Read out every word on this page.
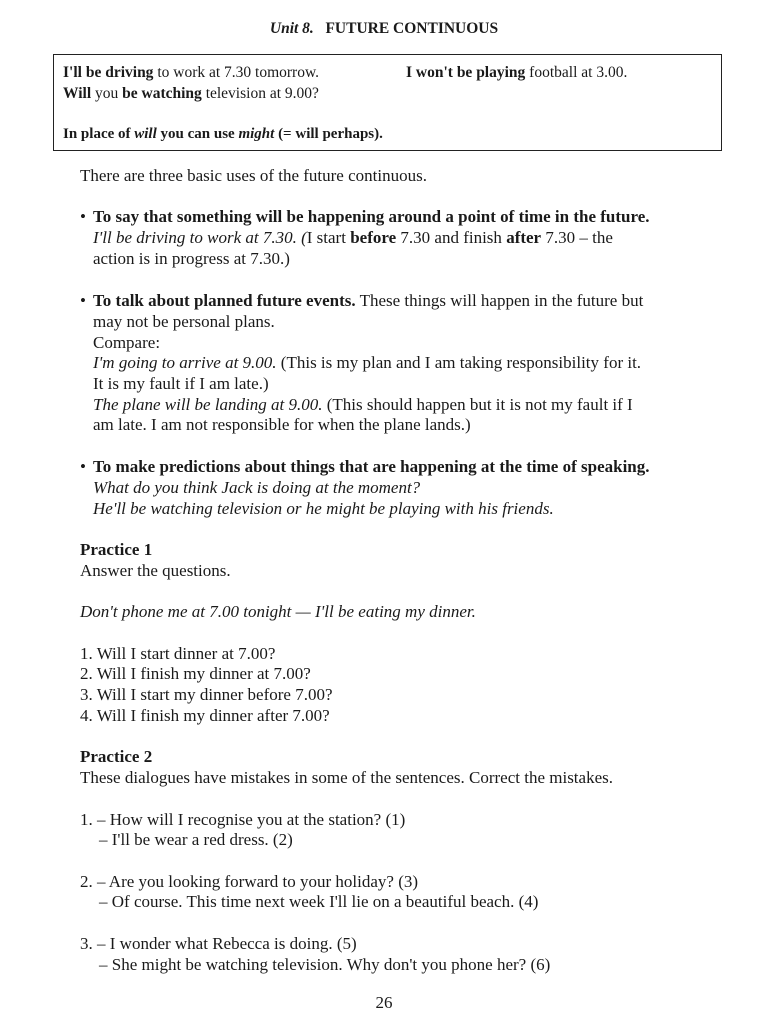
Unit 8. FUTURE CONTINUOUS
I'll be driving to work at 7.30 tomorrow.	I won't be playing football at 3.00.
Will you be watching television at 9.00?
In place of will you can use might (= will perhaps).
There are three basic uses of the future continuous.
• To say that something will be happening around a point of time in the future.
I'll be driving to work at 7.30. (I start before 7.30 and finish after 7.30 – the
action is in progress at 7.30.)
• To talk about planned future events. These things will happen in the future but
may not be personal plans.
Compare:
I'm going to arrive at 9.00. (This is my plan and I am taking responsibility for it.
It is my fault if I am late.)
The plane will be landing at 9.00. (This should happen but it is not my fault if I
am late. I am not responsible for when the plane lands.)
• To make predictions about things that are happening at the time of speaking.
What do you think Jack is doing at the moment?
He'll be watching television or he might be playing with his friends.
Practice 1
Answer the questions.
Don't phone me at 7.00 tonight — I'll be eating my dinner.
1. Will I start dinner at 7.00?
2. Will I finish my dinner at 7.00?
3. Will I start my dinner before 7.00?
4. Will I finish my dinner after 7.00?
Practice 2
These dialogues have mistakes in some of the sentences. Correct the mistakes.
1. – How will I recognise you at the station? (1)
– I'll be wear a red dress. (2)
2. – Are you looking forward to your holiday? (3)
– Of course. This time next week I'll lie on a beautiful beach. (4)
3. – I wonder what Rebecca is doing. (5)
– She might be watching television. Why don't you phone her? (6)
26
